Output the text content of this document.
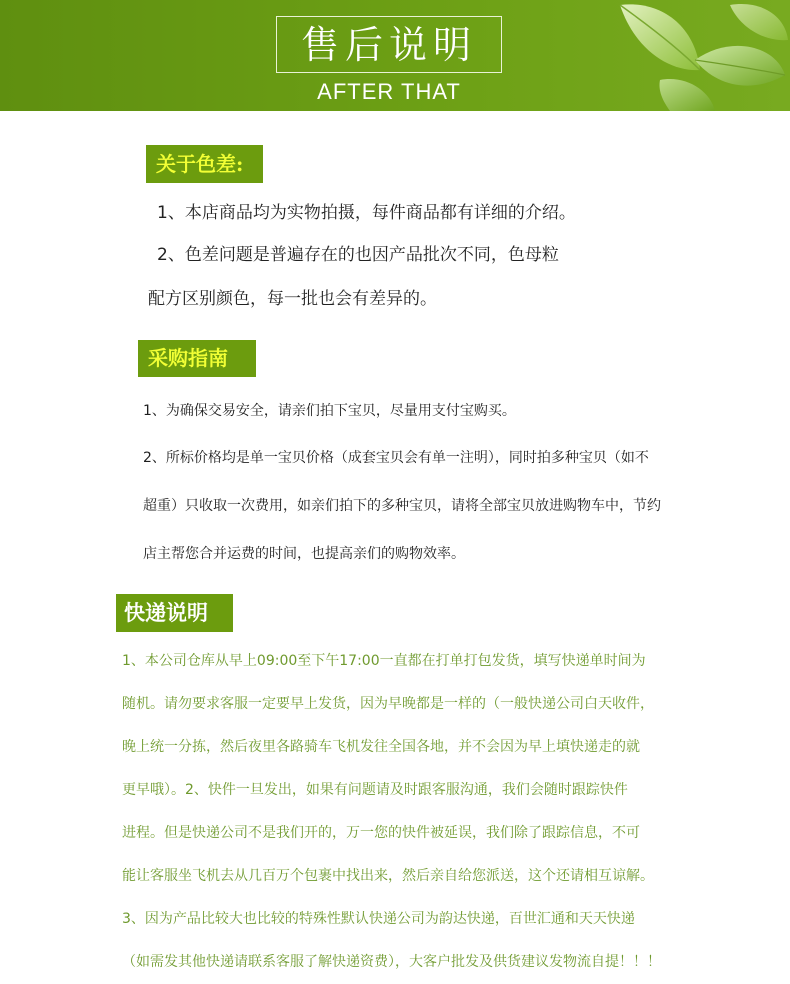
售后说明
AFTER THAT
关于色差:
1、本店商品均为实物拍摄，每件商品都有详细的介绍。
2、色差问题是普遍存在的也因产品批次不同，色母粒
配方区别颜色，每一批也会有差异的。
采购指南
1、为确保交易安全，请亲们拍下宝贝，尽量用支付宝购买。
2、所标价格均是单一宝贝价格（成套宝贝会有单一注明），同时拍多种宝贝（如不
超重）只收取一次费用，如亲们拍下的多种宝贝，请将全部宝贝放进购物车中，节约
店主帮您合并运费的时间，也提高亲们的购物效率。
快递说明
1、本公司仓库从早上09:00至下午17:00一直都在打单打包发货，填写快递单时间为
随机。请勿要求客服一定要早上发货，因为早晚都是一样的（一般快递公司白天收件，
晚上统一分拣，然后夜里各路骑车飞机发往全国各地，并不会因为早上填快递走的就
更早哦）。2、快件一旦发出，如果有问题请及时跟客服沟通，我们会随时跟踪快件
进程。但是快递公司不是我们开的，万一您的快件被延误，我们除了跟踪信息，不可
能让客服坐飞机去从几百万个包裹中找出来，然后亲自给您派送，这个还请相互谅解。
3、因为产品比较大也比较的特殊性默认快递公司为韵达快递，百世汇通和天天快递
（如需发其他快递请联系客服了解快递资费），大客户批发及供货建议发物流自提！！！
